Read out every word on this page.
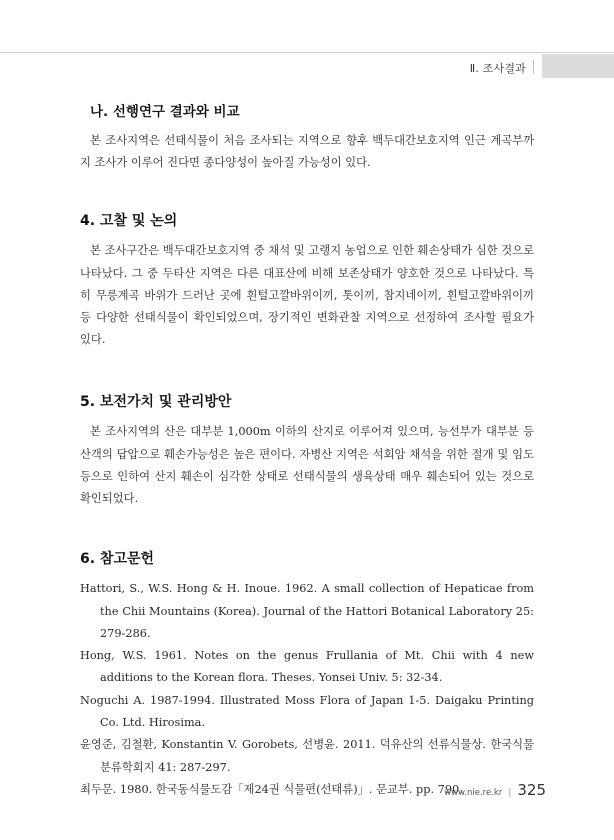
Ⅱ. 조사결과
나. 선행연구 결과와 비교

본 조사지역은 선태식물이 처음 조사되는 지역으로 향후 백두대간보호지역 인근 계곡부까지 조사가 이루어 진다면 종다양성이 높아질 가능성이 있다.

4. 고찰 및 논의

본 조사구간은 백두대간보호지역 중 채석 및 고랭지 농업으로 인한 훼손상태가 심한 것으로 나타났다. 그 중 두타산 지역은 다른 대표산에 비해 보존상태가 양호한 것으로 나타났다. 특히 무릉계곡 바위가 드러난 곳에 흰털고깔바위이끼, 톳이끼, 참지네이끼, 흰털고깔바위이끼 등 다양한 선태식물이 확인되었으며, 장기적인 변화관찰 지역으로 선정하여 조사할 필요가 있다.

5. 보전가치 및 관리방안

본 조사지역의 산은 대부분 1,000m 이하의 산지로 이루어져 있으며, 능선부가 대부분 등산객의 답압으로 훼손가능성은 높은 편이다. 자병산 지역은 석회암 채석을 위한 절개 및 임도 등으로 인하여 산지 훼손이 심각한 상태로 선태식물의 생육상태 매우 훼손되어 있는 것으로 확인되었다.

6. 참고문헌
Hattori, S., W.S. Hong & H. Inoue. 1962. A small collection of Hepaticae from the Chii Mountains (Korea). Journal of the Hattori Botanical Laboratory 25: 279-286.
Hong, W.S. 1961. Notes on the genus Frullania of Mt. Chii with 4 new additions to the Korean flora. Theses. Yonsei Univ. 5: 32-34.
Noguchi A. 1987-1994. Illustrated Moss Flora of Japan 1-5. Daigaku Printing Co. Ltd. Hirosima.
윤영준, 김철환, Konstantin V. Gorobets, 선병윤. 2011. 덕유산의 선류식물상. 한국식물분류학회지 41: 287-297.
최두문. 1980. 한국동식물도감「제24권 식물편(선태류)」. 문교부. pp. 790.
www.nie.re.kr | 325
